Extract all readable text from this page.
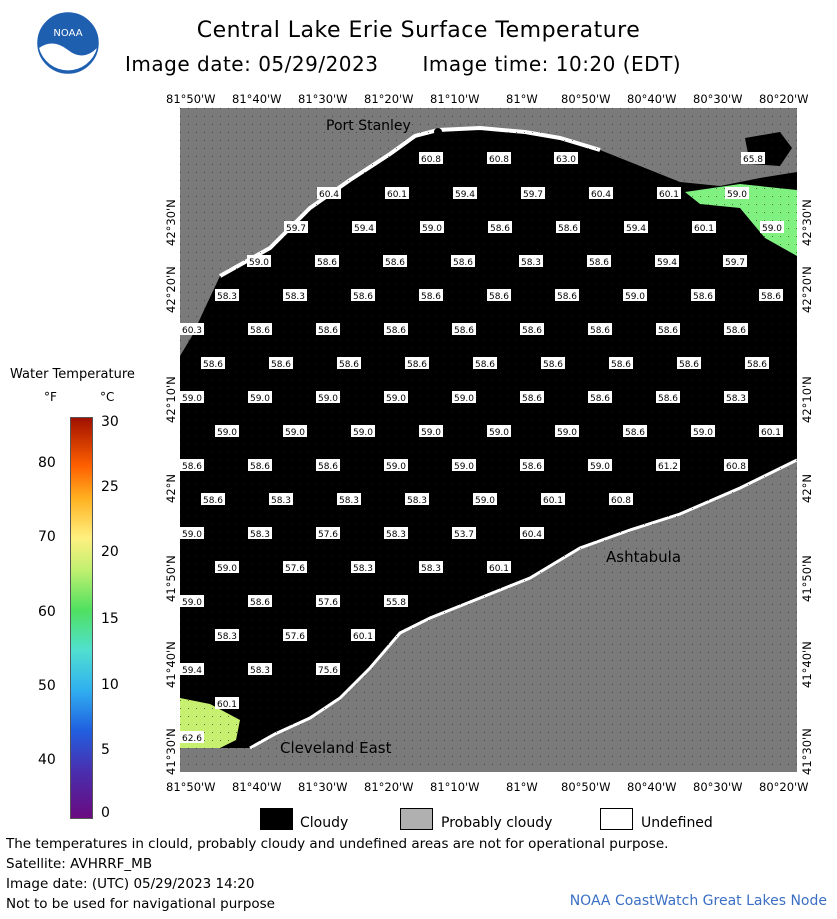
NOAA	Central Lake Erie Surface Temperature
Image date: 05/29/2023 Image time: 10:20 (EDT)
81°50'W 81°40'W 81°30'W 81°20'W 81°10'W 81°W 80°50'W 80°40'W 80°30'W 80°20'W
81°50'W 81°40'W 81°30'W 81°20'W 81°10'W 81°W 80°50'W 80°40'W 80°30'W 80°20'W
42°30'N
42°20'N
42°10'N
42°N
41°50'N
41°40'N
41°30'N
42°30'N
42°20'N
42°10'N
42°N
41°50'N
41°40'N
41°30'N
Port Stanley
Ashtabula
Cleveland East
60.8	60.8	63.0	65.8
60.4	60.1	59.4	59.7	60.4	60.1	59.0
59.7	59.4	59.0	58.6	58.6	59.4	60.1	59.0
59.0	58.6	58.6	58.6	58.3	58.6	59.4	59.7
58.3	58.3	58.6	58.6	58.6	58.6	59.0	58.6	58.6
60.3	58.6	58.6	58.6	58.6	58.6	58.6	58.6	58.6
58.6	58.6	58.6	58.6	58.6	58.6	58.6	58.6	58.6
59.0	59.0	59.0	59.0	59.0	58.6	58.6	58.6	58.3
59.0	59.0	59.0	59.0	59.0	59.0	58.6	59.0	60.1
58.6	58.6	58.6	59.0	59.0	58.6	59.0	61.2	60.8
58.6	58.3	58.3	58.3	59.0	60.1	60.8
59.0	58.3	57.6	58.3	53.7	60.4
59.0	57.6	58.3	58.3	60.1
59.0	58.6	57.6	55.8
58.3	57.6	60.1
59.4	58.3	75.6
60.1
62.6
Water Temperature
°F	°C
80
70
60
50
40
30
25
20
15
10
5
0
Cloudy	Probably cloudy	Undefined
The temperatures in clould, probably cloudy and undefined areas are not for operational purpose.
Satellite: AVHRRF_MB
Image date: (UTC) 05/29/2023 14:20
Not to be used for navigational purpose	NOAA CoastWatch Great Lakes Node
